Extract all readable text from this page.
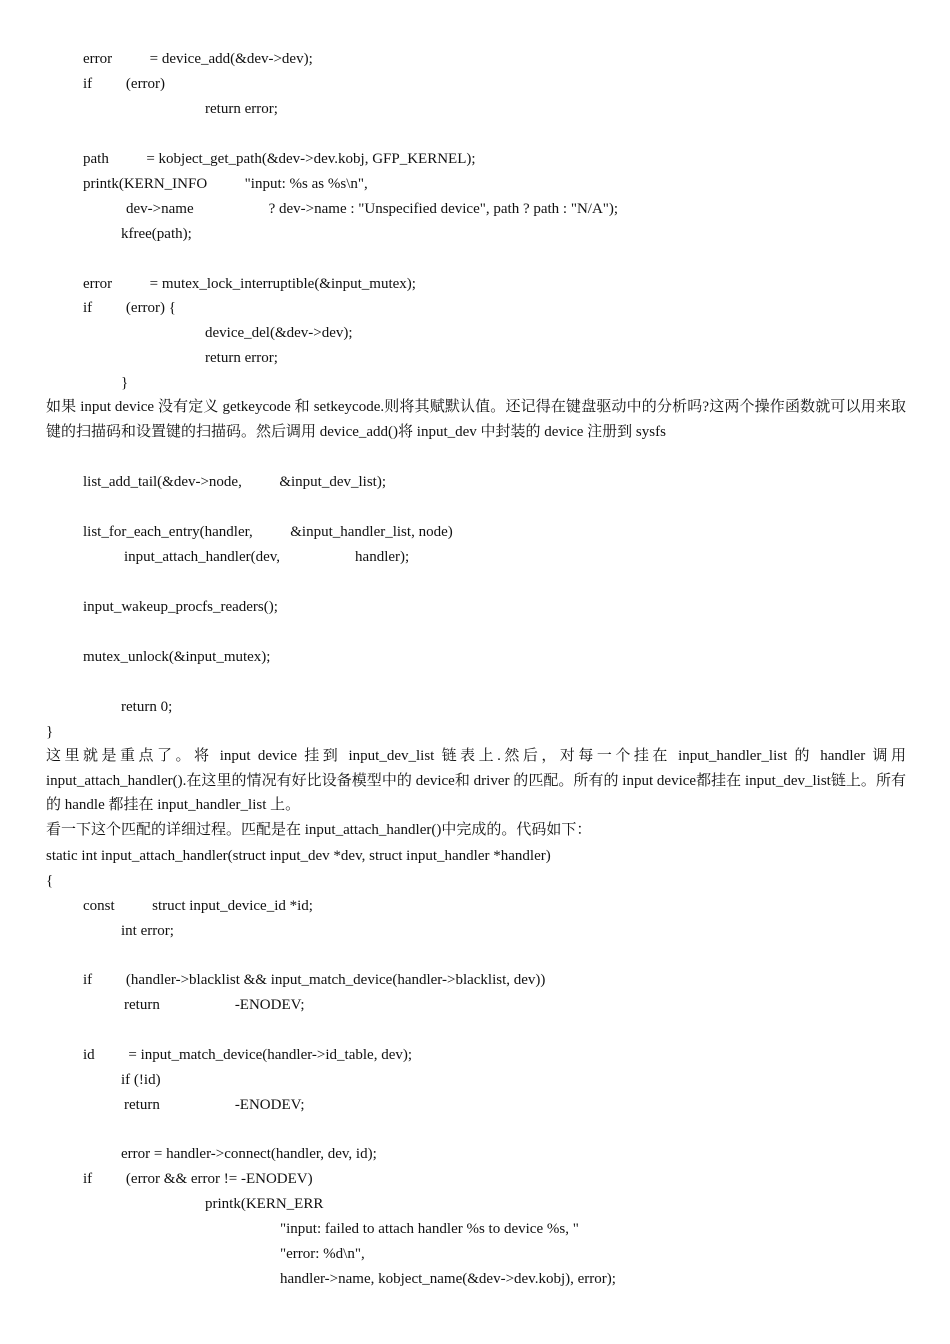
error          = device_add(&dev->dev);
if         (error)
return error;
path          = kobject_get_path(&dev->dev.kobj, GFP_KERNEL);
printk(KERN_INFO          "input: %s as %s\n",
dev->name                    ? dev->name : "Unspecified device", path ? path : "N/A");
kfree(path);
error          = mutex_lock_interruptible(&input_mutex);
if         (error) {
device_del(&dev->dev);
return error;
}
如果 input device 没有定义 getkeycode 和 setkeycode.则将其赋默认值。还记得在键盘驱动中的分析吗?这两个操作函数就可以用来取键的扫描码和设置键的扫描码。然后调用 device_add()将 input_dev 中封装的 device 注册到 sysfs
list_add_tail(&dev->node,          &input_dev_list);
list_for_each_entry(handler,          &input_handler_list, node)
input_attach_handler(dev,                    handler);
input_wakeup_procfs_readers();
mutex_unlock(&input_mutex);
return 0;
}
这里就是重点了。将 input device 挂到 input_dev_list 链表上.然后，对每一个挂在 input_handler_list 的 handler 调用 input_attach_handler().在这里的情况有好比设备模型中的 device和 driver 的匹配。所有的 input device都挂在 input_dev_list链上。所有的 handle 都挂在 input_handler_list 上。
看一下这个匹配的详细过程。匹配是在 input_attach_handler()中完成的。代码如下：
static int input_attach_handler(struct input_dev *dev, struct input_handler *handler)
{
const          struct input_device_id *id;
int error;
if         (handler->blacklist && input_match_device(handler->blacklist, dev))
return                    -ENODEV;
id         = input_match_device(handler->id_table, dev);
if (!id)
return                    -ENODEV;
error = handler->connect(handler, dev, id);
if         (error && error != -ENODEV)
printk(KERN_ERR
"input: failed to attach handler %s to device %s, "
"error: %d\n",
handler->name, kobject_name(&dev->dev.kobj), error);
